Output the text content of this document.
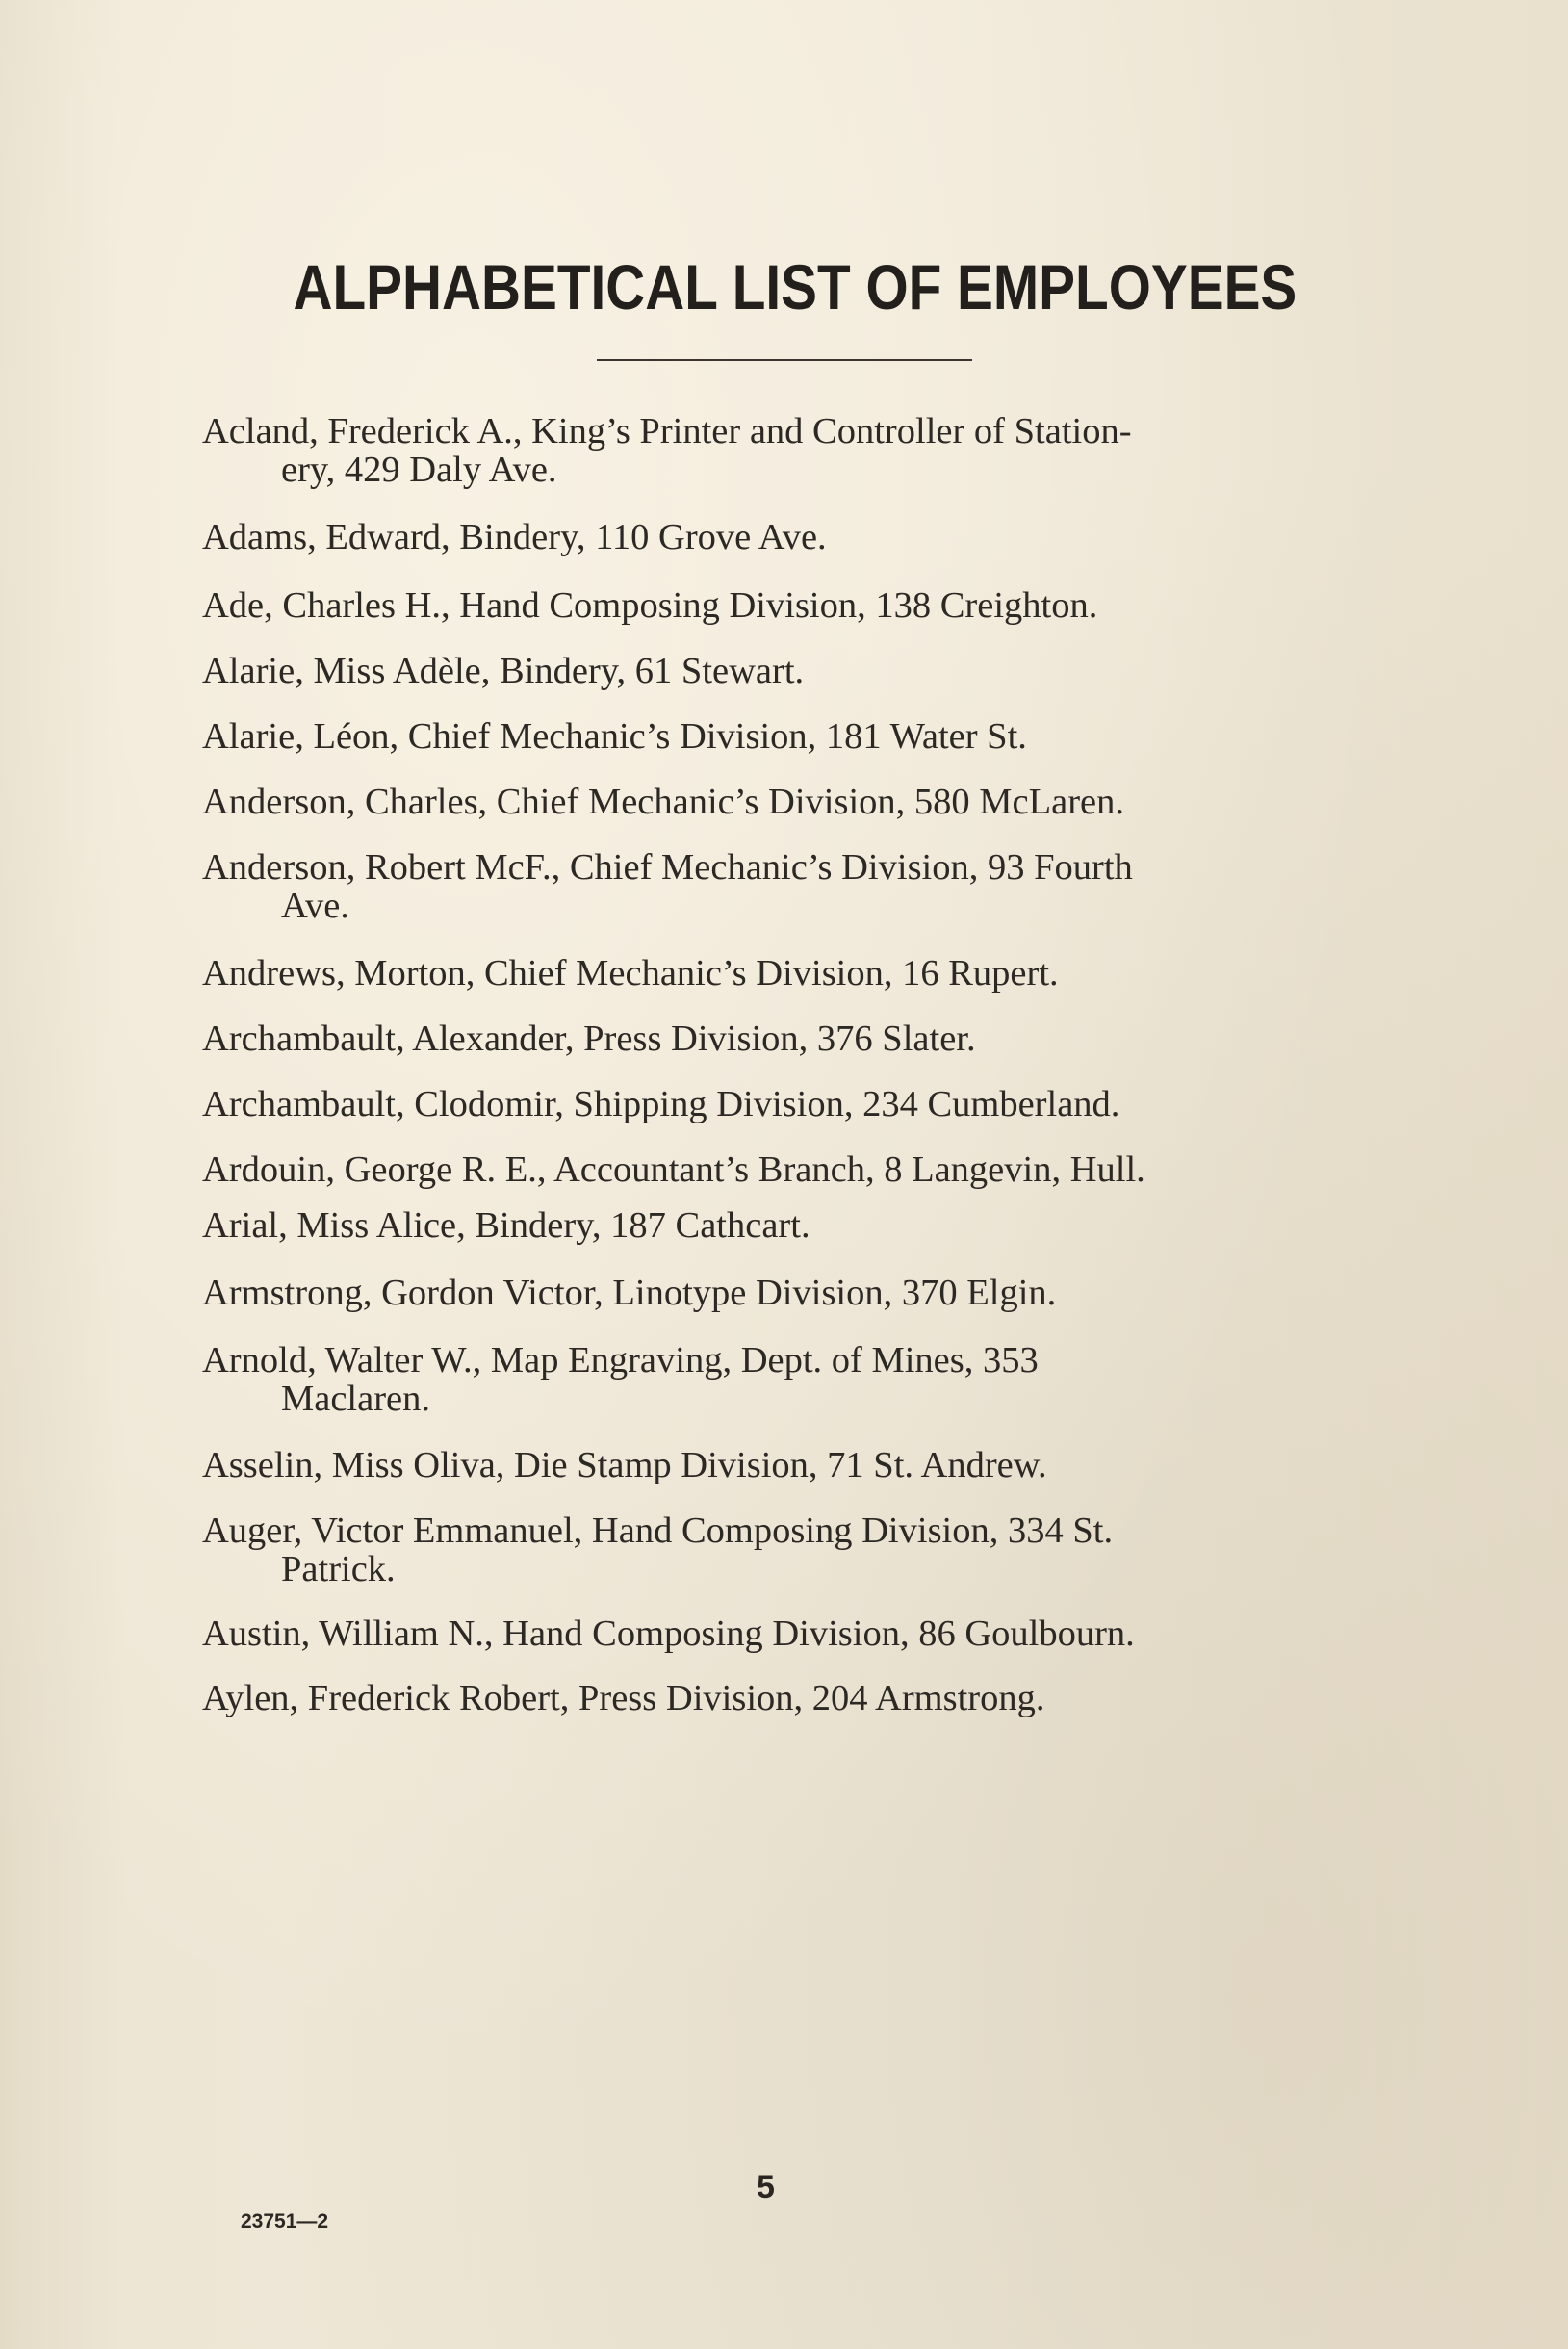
ALPHABETICAL LIST OF EMPLOYEES
Acland, Frederick A., King’s Printer and Controller of Station-
ery, 429 Daly Ave.
Adams, Edward, Bindery, 110 Grove Ave.
Ade, Charles H., Hand Composing Division, 138 Creighton.
Alarie, Miss Adèle, Bindery, 61 Stewart.
Alarie, Léon, Chief Mechanic’s Division, 181 Water St.
Anderson, Charles, Chief Mechanic’s Division, 580 McLaren.
Anderson, Robert McF., Chief Mechanic’s Division, 93 Fourth
Ave.
Andrews, Morton, Chief Mechanic’s Division, 16 Rupert.
Archambault, Alexander, Press Division, 376 Slater.
Archambault, Clodomir, Shipping Division, 234 Cumberland.
Ardouin, George R. E., Accountant’s Branch, 8 Langevin, Hull.
Arial, Miss Alice, Bindery, 187 Cathcart.
Armstrong, Gordon Victor, Linotype Division, 370 Elgin.
Arnold, Walter W., Map Engraving, Dept. of Mines, 353
Maclaren.
Asselin, Miss Oliva, Die Stamp Division, 71 St. Andrew.
Auger, Victor Emmanuel, Hand Composing Division, 334 St.
Patrick.
Austin, William N., Hand Composing Division, 86 Goulbourn.
Aylen, Frederick Robert, Press Division, 204 Armstrong.
5
23751—2
